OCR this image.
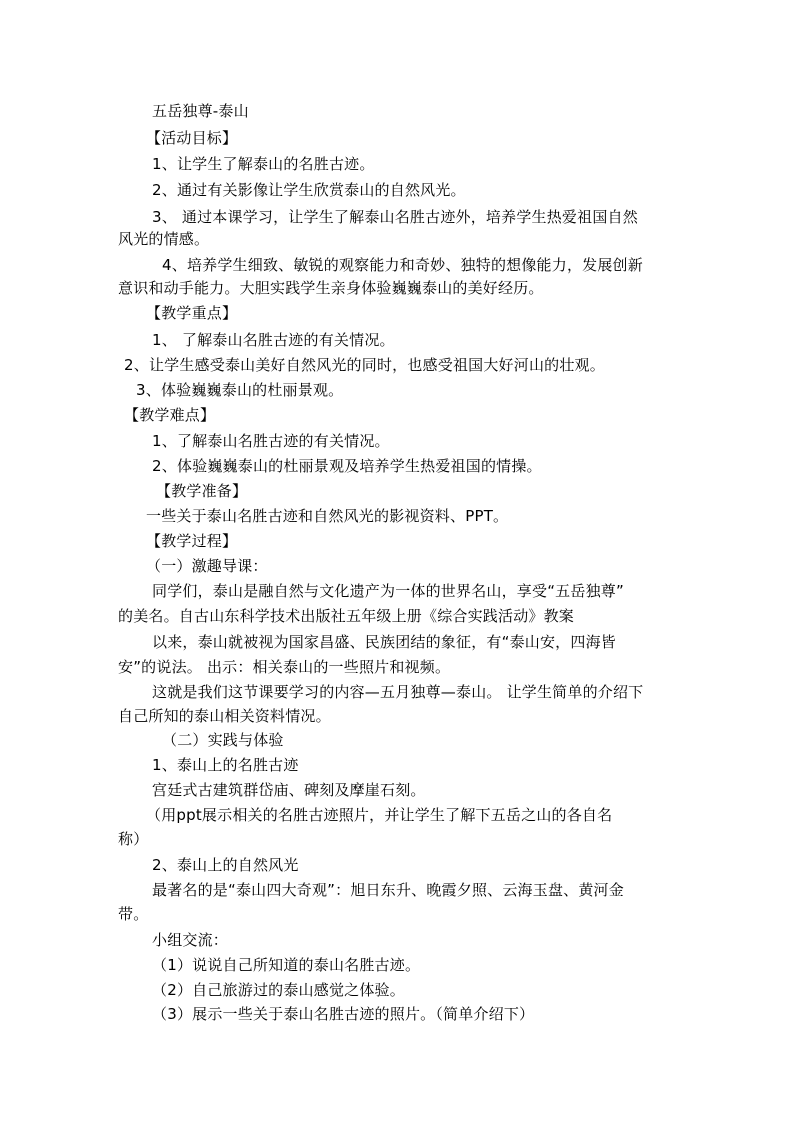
五岳独尊-泰山
【活动目标】
1、让学生了解泰山的名胜古迹。
2、通过有关影像让学生欣赏泰山的自然风光。
3、 通过本课学习，让学生了解泰山名胜古迹外，培养学生热爱祖国自然
风光的情感。
4、培养学生细致、敏锐的观察能力和奇妙、独特的想像能力，发展创新
意识和动手能力。大胆实践学生亲身体验巍巍泰山的美好经历。
【教学重点】
1、 了解泰山名胜古迹的有关情况。
2、让学生感受泰山美好自然风光的同时，也感受祖国大好河山的壮观。
3、体验巍巍泰山的杜丽景观。
【教学难点】
1、了解泰山名胜古迹的有关情况。
2、体验巍巍泰山的杜丽景观及培养学生热爱祖国的情操。
【教学准备】
一些关于泰山名胜古迹和自然风光的影视资料、PPT。
【教学过程】
（一）激趣导课：
同学们，泰山是融自然与文化遗产为一体的世界名山，享受“五岳独尊”
的美名。自古山东科学技术出版社五年级上册《综合实践活动》教案
以来，泰山就被视为国家昌盛、民族团结的象征，有“泰山安，四海皆
安”的说法。 出示：相关泰山的一些照片和视频。
这就是我们这节课要学习的内容—五月独尊—泰山。 让学生简单的介绍下
自己所知的泰山相关资料情况。
（二）实践与体验
1、泰山上的名胜古迹
宫廷式古建筑群岱庙、碑刻及摩崖石刻。
（用ppt展示相关的名胜古迹照片，并让学生了解下五岳之山的各自名
称）
2、泰山上的自然风光
最著名的是“泰山四大奇观”：旭日东升、晚霞夕照、云海玉盘、黄河金
带。
小组交流：
（1）说说自己所知道的泰山名胜古迹。
（2）自己旅游过的泰山感觉之体验。
（3）展示一些关于泰山名胜古迹的照片。（简单介绍下）
